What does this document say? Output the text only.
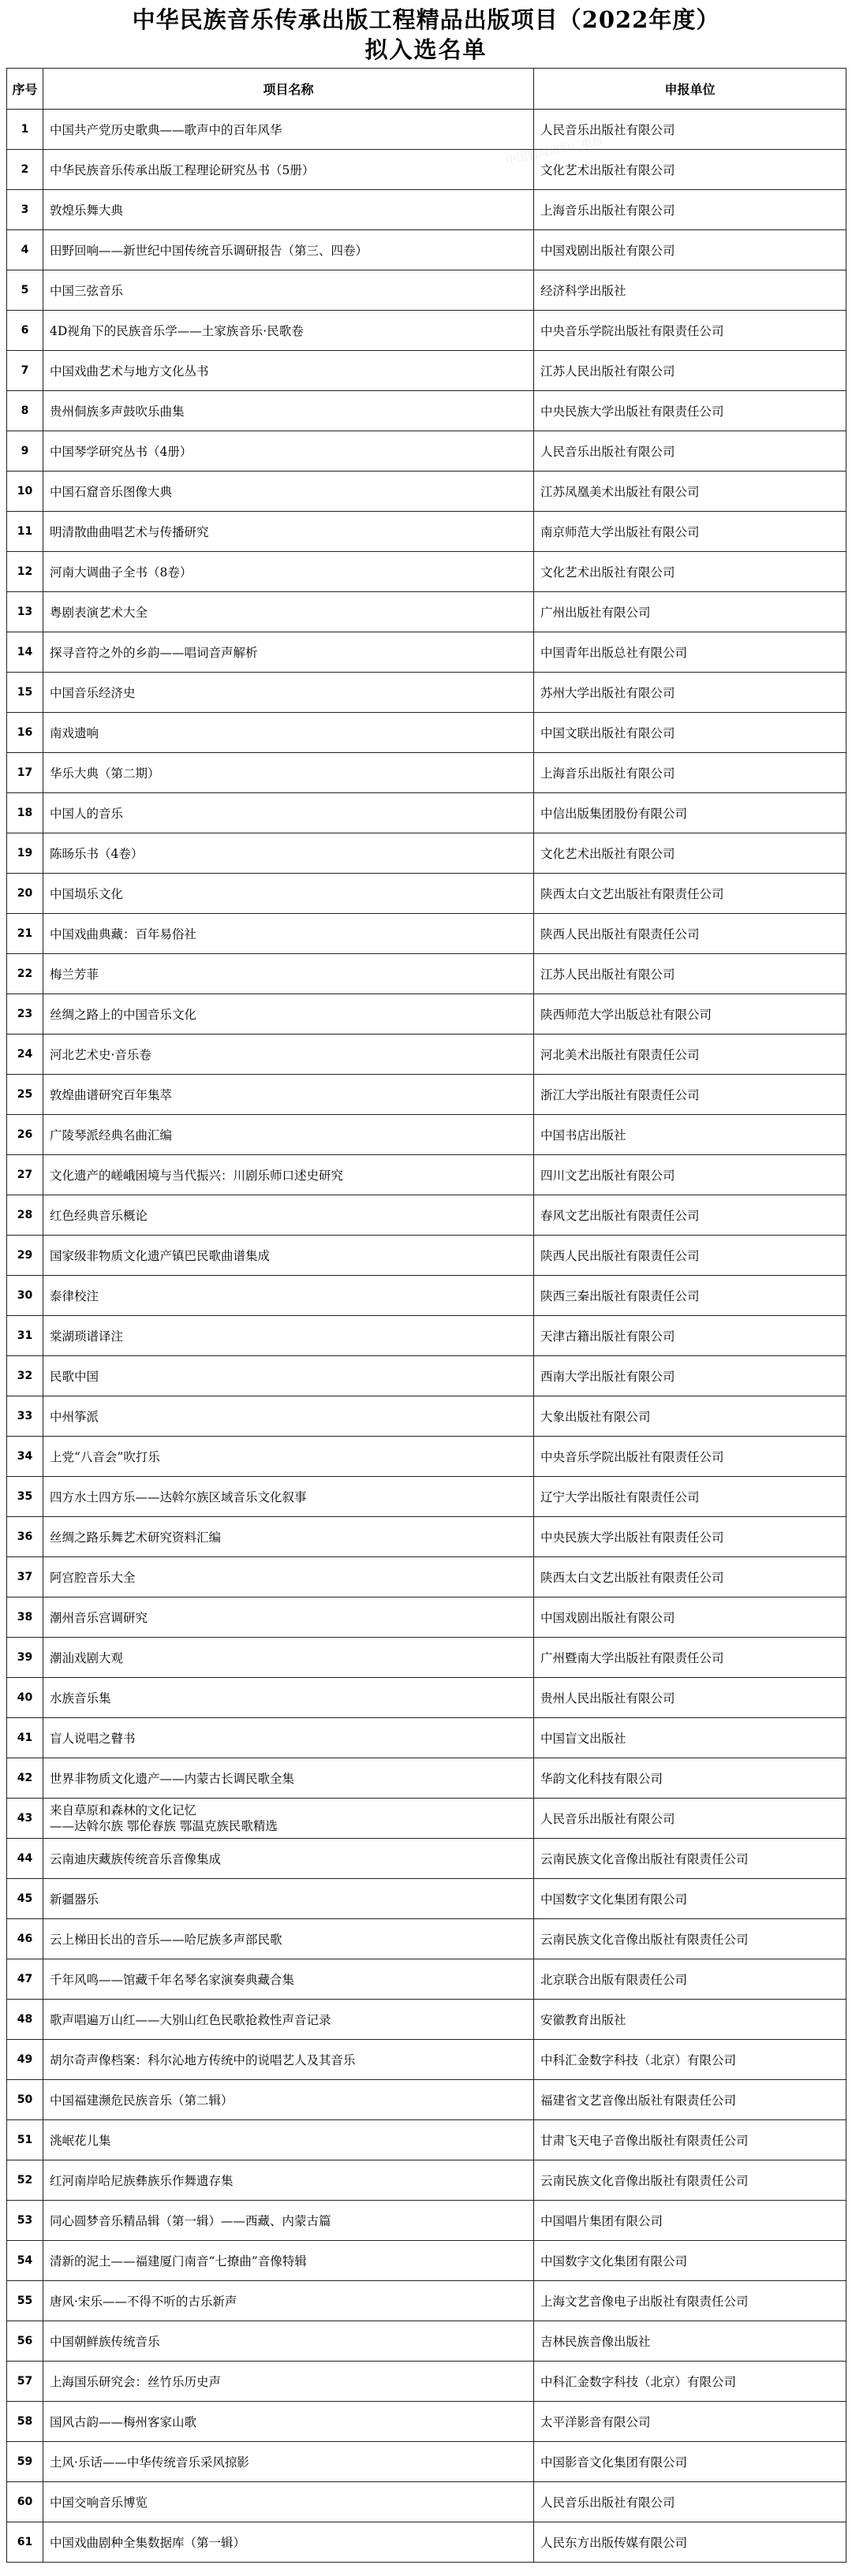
中华民族音乐传承出版工程精品出版项目（2022年度）
拟入选名单
序号	项目名称	申报单位
1	中国共产党历史歌典——歌声中的百年风华	人民音乐出版社有限公司
2	中华民族音乐传承出版工程理论研究丛书（5册）	文化艺术出版社有限公司
3	敦煌乐舞大典	上海音乐出版社有限公司
4	田野回响——新世纪中国传统音乐调研报告（第三、四卷）	中国戏剧出版社有限公司
5	中国三弦音乐	经济科学出版社
6	4D视角下的民族音乐学——土家族音乐·民歌卷	中央音乐学院出版社有限责任公司
7	中国戏曲艺术与地方文化丛书	江苏人民出版社有限公司
8	贵州侗族多声鼓吹乐曲集	中央民族大学出版社有限责任公司
9	中国琴学研究丛书（4册）	人民音乐出版社有限公司
10	中国石窟音乐图像大典	江苏凤凰美术出版社有限公司
11	明清散曲曲唱艺术与传播研究	南京师范大学出版社有限公司
12	河南大调曲子全书（8卷）	文化艺术出版社有限公司
13	粤剧表演艺术大全	广州出版社有限公司
14	探寻音符之外的乡韵——唱词音声解析	中国青年出版总社有限公司
15	中国音乐经济史	苏州大学出版社有限公司
16	南戏遗响	中国文联出版社有限公司
17	华乐大典（第二期）	上海音乐出版社有限公司
18	中国人的音乐	中信出版集团股份有限公司
19	陈旸乐书（4卷）	文化艺术出版社有限公司
20	中国埙乐文化	陕西太白文艺出版社有限责任公司
21	中国戏曲典藏：百年易俗社	陕西人民出版社有限责任公司
22	梅兰芳菲	江苏人民出版社有限公司
23	丝绸之路上的中国音乐文化	陕西师范大学出版总社有限公司
24	河北艺术史·音乐卷	河北美术出版社有限责任公司
25	敦煌曲谱研究百年集萃	浙江大学出版社有限责任公司
26	广陵琴派经典名曲汇编	中国书店出版社
27	文化遗产的嵯峨困境与当代振兴：川剧乐师口述史研究	四川文艺出版社有限公司
28	红色经典音乐概论	春风文艺出版社有限责任公司
29	国家级非物质文化遗产镇巴民歌曲谱集成	陕西人民出版社有限责任公司
30	泰律校注	陕西三秦出版社有限责任公司
31	棠湖琐谱译注	天津古籍出版社有限公司
32	民歌中国	西南大学出版社有限公司
33	中州筝派	大象出版社有限公司
34	上党“八音会”吹打乐	中央音乐学院出版社有限责任公司
35	四方水土四方乐——达斡尔族区域音乐文化叙事	辽宁大学出版社有限责任公司
36	丝绸之路乐舞艺术研究资料汇编	中央民族大学出版社有限责任公司
37	阿宫腔音乐大全	陕西太白文艺出版社有限责任公司
38	潮州音乐宫调研究	中国戏剧出版社有限公司
39	潮汕戏剧大观	广州暨南大学出版社有限责任公司
40	水族音乐集	贵州人民出版社有限公司
41	盲人说唱之瞽书	中国盲文出版社
42	世界非物质文化遗产——内蒙古长调民歌全集	华韵文化科技有限公司
43	来自草原和森林的文化记忆
——达斡尔族 鄂伦春族 鄂温克族民歌精选	人民音乐出版社有限公司
44	云南迪庆藏族传统音乐音像集成	云南民族文化音像出版社有限责任公司
45	新疆器乐	中国数字文化集团有限公司
46	云上梯田长出的音乐——哈尼族多声部民歌	云南民族文化音像出版社有限责任公司
47	千年风鸣——馆藏千年名琴名家演奏典藏合集	北京联合出版有限责任公司
48	歌声唱遍万山红——大别山红色民歌抢救性声音记录	安徽教育出版社
49	胡尔奇声像档案：科尔沁地方传统中的说唱艺人及其音乐	中科汇金数字科技（北京）有限公司
50	中国福建濒危民族音乐（第二辑）	福建省文艺音像出版社有限责任公司
51	洮岷花儿集	甘肃飞天电子音像出版社有限责任公司
52	红河南岸哈尼族彝族乐作舞遗存集	云南民族文化音像出版社有限责任公司
53	同心圆梦音乐精品辑（第一辑）——西藏、内蒙古篇	中国唱片集团有限公司
54	清新的泥土——福建厦门南音“七撩曲”音像特辑	中国数字文化集团有限公司
55	唐风·宋乐——不得不听的古乐新声	上海文艺音像电子出版社有限责任公司
56	中国朝鲜族传统音乐	吉林民族音像出版社
57	上海国乐研究会：丝竹乐历史声	中科汇金数字科技（北京）有限公司
58	国风古韵——梅州客家山歌	太平洋影音有限公司
59	土风·乐话——中华传统音乐采风掠影	中国影音文化集团有限公司
60	中国交响音乐博览	人民音乐出版社有限公司
61	中国戏曲剧种全集数据库（第一辑）	人民东方出版传媒有限公司
中国新闻出版广电报
